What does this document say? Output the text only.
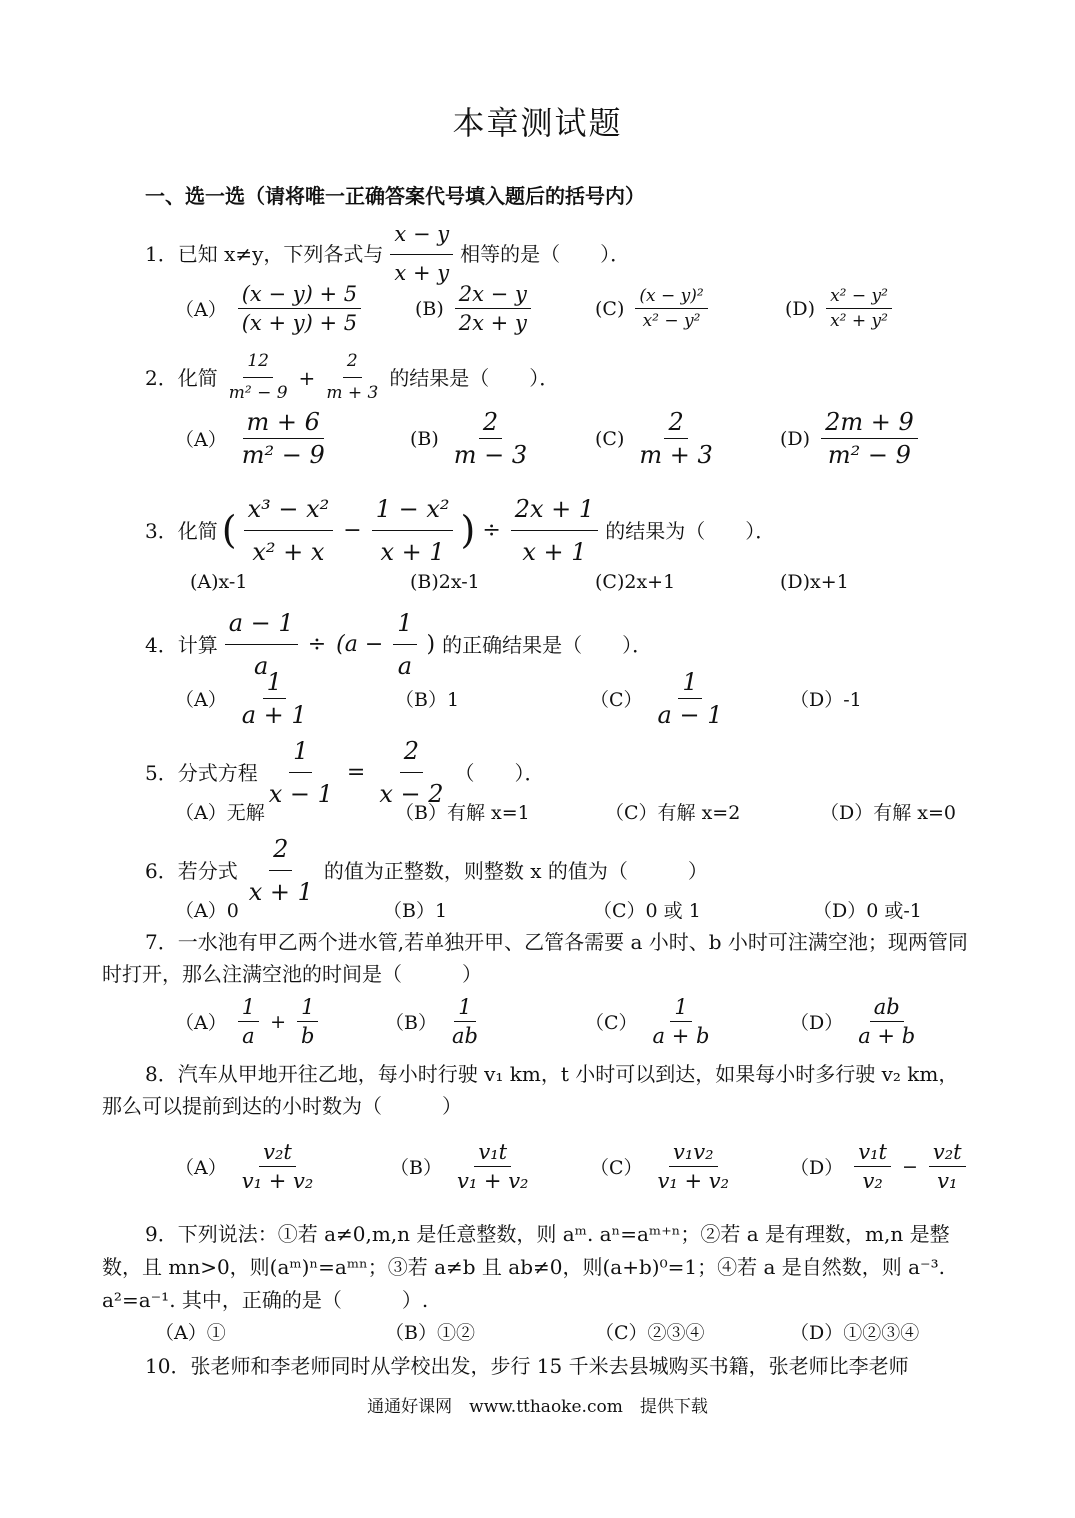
本章测试题
一、选一选（请将唯一正确答案代号填入题后的括号内）
1．已知 x≠y，下列各式与 $\frac{x - y}{x + y}$ 相等的是（　　）．
$(A) \frac{(x - y) + 5}{(x + y) + 5}$	$(B) \frac{2x - y}{2x + y}$	$(C) \frac{\text{(x − y)²}}{\text{x² − y²}}$	$(D) \frac{\text{x² − y²}}{\text{x² + y²}}$
2．化简 $\frac{12}{\text{m² − 9}} + \frac{2}{m + 3}$ 的结果是（　　）．
$(A) \frac{m + 6}{\text{m² − 9}}$	$(B) \frac{2}{m - 3}$	$(C) \frac{2}{m + 3}$	$(D) \frac{2m + 9}{\text{m² − 9}}$
3．化简 ( $\frac{\text{x³ − x²}}{\text{x² + x}} - \frac{\text{1 − x²}}{x + 1}$ ) ÷ $\frac{2x + 1}{x + 1}$ 的结果为（　　）．
(A)x-1	(B)2x-1	(C)2x+1	(D)x+1
4．计算 $\frac{a - 1}{a} \div (a - \frac{1}{a}$ ) 的正确结果是（　　）．
$(A) \frac{1}{a + 1}$	（B）1	$(C) \frac{1}{a - 1}$	（D）-1
5．分式方程 $\frac{1}{x - 1} = \frac{2}{x - 2}$ （　　）．
（A）无解	（B）有解 x=1	（C）有解 x=2	（D）有解 x=0
6．若分式 $\frac{2}{x + 1}$ 的值为正整数，则整数 x 的值为（　　　）
（A）0	（B）1	（C）0 或 1	（D）0 或-1
7．一水池有甲乙两个进水管,若单独开甲、乙管各需要 a 小时、b 小时可注满空池；现两管同时打开，那么注满空池的时间是（　　　）
$(A) \frac{1}{a} + \frac{1}{b}$	$(B) \frac{1}{ab}$	$(C) \frac{1}{a + b}$	$(D) \frac{ab}{a + b}$
8．汽车从甲地开往乙地，每小时行驶 v₁ km，t 小时可以到达，如果每小时多行驶 v₂ km，那么可以提前到达的小时数为（　　　）
$(A) \frac{\text{v₂t}}{\text{v₁ + v₂}}$	$(B) \frac{\text{v₁t}}{\text{v₁ + v₂}}$	$(C) \frac{\text{v₁v₂}}{\text{v₁ + v₂}}$	$(D) \frac{\text{v₁t}}{\text{v₂}} - \frac{\text{v₂t}}{\text{v₁}}$
9．下列说法：①若 a≠0,m,n 是任意整数，则 aᵐ. aⁿ=aᵐ⁺ⁿ；②若 a 是有理数，m,n 是整数，且 mn>0，则(aᵐ)ⁿ=aᵐⁿ；③若 a≠b 且 ab≠0，则(a+b)⁰=1；④若 a 是自然数，则 a⁻³. a²=a⁻¹. 其中，正确的是（　　　）.
（A）①	（B）①②	（C）②③④	（D）①②③④
10．张老师和李老师同时从学校出发，步行 15 千米去县城购买书籍，张老师比李老师
通通好课网　www.tthaoke.com　提供下载
